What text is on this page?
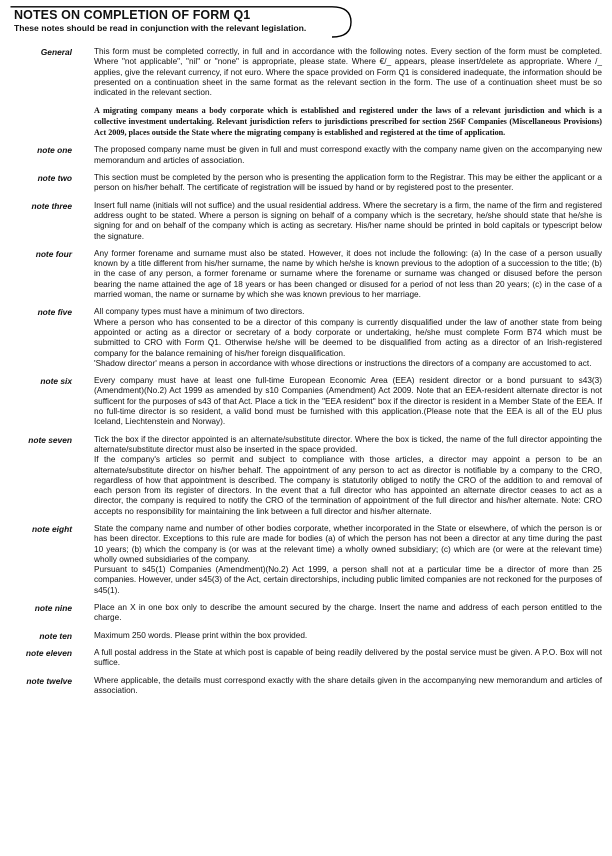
NOTES ON COMPLETION OF FORM Q1
These notes should be read in conjunction with the relevant legislation.
General	This form must be completed correctly, in full and in accordance with the following notes. Every section of the form must be completed. Where "not applicable", "nil" or "none" is appropriate, please state. Where €/_ appears, please insert/delete as appropriate. Where /_ applies, give the relevant currency, if not euro. Where the space provided on Form Q1 is considered inadequate, the information should be presented on a continuation sheet in the same format as the relevant section in the form. The use of a continuation sheet must be so indicated in the relevant section.

A migrating company means a body corporate which is established and registered under the laws of a relevant jurisdiction and which is a collective investment undertaking. Relevant jurisdiction refers to jurisdictions prescribed for section 256F Companies (Miscellaneous Provisions) Act 2009, places outside the State where the migrating company is established and registered at the time of application.
note one	The proposed company name must be given in full and must correspond exactly with the company name given on the accompanying new memorandum and articles of association.

note two	This section must be completed by the person who is presenting the application form to the Registrar. This may be either the applicant or a person on his/her behalf. The certificate of registration will be issued by hand or by registered post to the presenter.

note three	Insert full name (initials will not suffice) and the usual residential address. Where the secretary is a firm, the name of the firm and registered address ought to be stated. Where a person is signing on behalf of a company which is the secretary, he/she should state that he/she is signing for and on behalf of the company which is acting as secretary. His/her name should be printed in bold capitals or typescript below the signature.

note four	Any former forename and surname must also be stated. However, it does not include the following: (a) In the case of a person usually known by a title different from his/her surname, the name by which he/she is known previous to the adoption of a succession to the title; (b) in the case of any person, a former forename or surname where the forename or surname was changed or disused before the person bearing the name attained the age of 18 years or has been changed or disused for a period of not less than 20 years; (c) in the case of a married woman, the name or surname by which she was known previous to her marriage.

note five	All company types must have a minimum of two directors.

Where a person who has consented to be a director of this company is currently disqualified under the law of another state from being appointed or acting as a director or secretary of a body corporate or undertaking, he/she must complete Form B74 which must be submitted to CRO with Form Q1. Otherwise he/she will be deemed to be disqualified from acting as a director of an Irish-registered company for the balance remaining of his/her foreign disqualification.

'Shadow director' means a person in accordance with whose directions or instructions the directors of a company are accustomed to act.

note six	Every company must have at least one full-time European Economic Area (EEA) resident director or a bond pursuant to s43(3) (Amendment)(No.2) Act 1999 as amended by s10 Companies (Amendment) Act 2009. Note that an EEA-resident alternate director is not sufficent for the purposes of s43 of that Act. Place a tick in the "EEA resident" box if the director is resident in a Member State of the EEA. If no full-time director is so resident, a valid bond must be furnished with this application.(Please note that the EEA is all of the EU plus Iceland, Liechtenstein and Norway).

note seven	Tick the box if the director appointed is an alternate/substitute director. Where the box is ticked, the name of the full director appointing the alternate/substitute director must also be inserted in the space provided.

If the company's articles so permit and subject to compliance with those articles, a director may appoint a person to be an alternate/substitute director on his/her behalf. The appointment of any person to act as director is notifiable by a company to the CRO, regardless of how that appointment is described. The company is statutorily obliged to notify the CRO of the addition to and removal of each person from its register of directors. In the event that a full director who has appointed an alternate director ceases to act as a director, the company is required to notify the CRO of the termination of appointment of the full director and his/her alternate. Note: CRO accepts no responsibility for maintaining the link between a full director and his/her alternate.

note eight	State the company name and number of other bodies corporate, whether incorporated in the State or elsewhere, of which the person is or has been director. Exceptions to this rule are made for bodies (a) of which the person has not been a director at any time during the past 10 years; (b) which the company is (or was at the relevant time) a wholly owned subsidiary; (c) which are (or were at the relevant time) wholly owned subsidiaries of the company.

Pursuant to s45(1) Companies (Amendment)(No.2) Act 1999, a person shall not at a particular time be a director of more than 25 companies. However, under s45(3) of the Act, certain directorships, including public limited companies are not reckoned for the purposes of s45(1).

note nine	Place an X in one box only to describe the amount secured by the charge. Insert the name and address of each person entitled to the charge.

note ten	Maximum 250 words. Please print within the box provided.

note eleven	A full postal address in the State at which post is capable of being readily delivered by the postal service must be given. A P.O. Box will not suffice.

note twelve	Where applicable, the details must correspond exactly with the share details given in the accompanying new memorandum and articles of association.
